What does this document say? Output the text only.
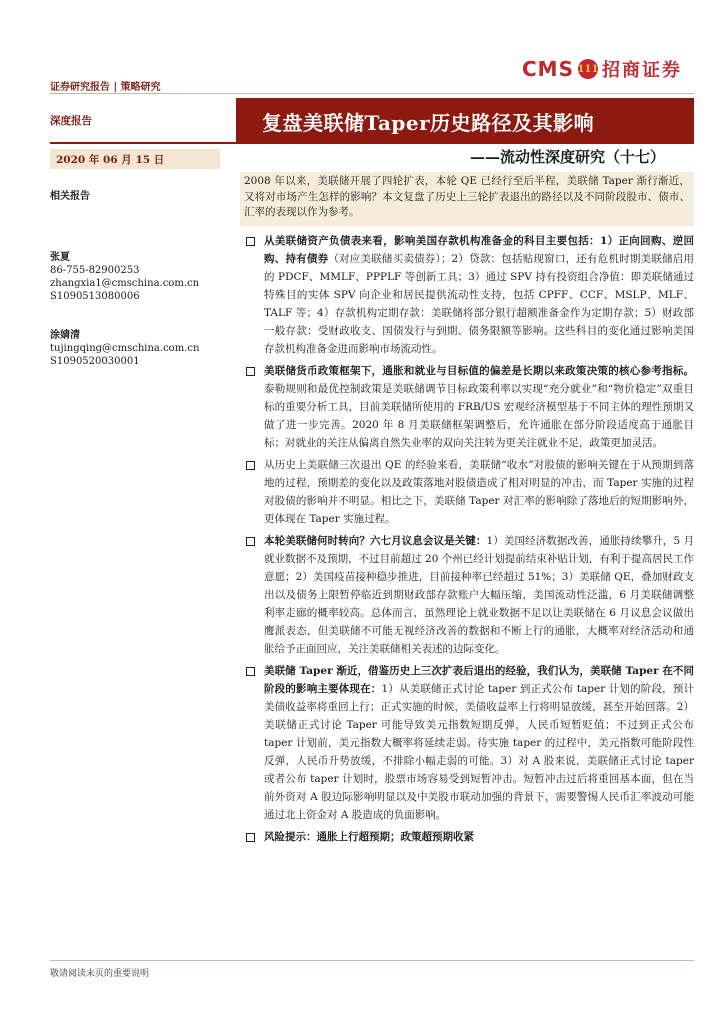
证券研究报告 | 策略研究
CMS 111 招商证券
深度报告	复盘美联储Taper历史路径及其影响
2020 年 06 月 15 日	——流动性深度研究（十七）

2008 年以来，美联储开展了四轮扩表，本轮 QE 已经行至后半程，美联储 Taper 渐行渐近，又将对市场产生怎样的影响？本文复盘了历史上三轮扩表退出的路径以及不同阶段股市、债市、汇率的表现以作为参考。

相关报告
张夏
86-755-82900253
zhangxia1@cmschina.com.cn
S1090513080006
涂婧清
tujingqing@cmschina.com.cn
S1090520030001
从美联储资产负债表来看，影响美国存款机构准备金的科目主要包括：1）正向回购、逆回购、持有债券（对应美联储买卖债券）；2）贷款：包括贴现窗口，还有危机时期美联储启用的 PDCF、MMLF、PPPLF 等创新工具；3）通过 SPV 持有投资组合净值：即美联储通过特殊目的实体 SPV 向企业和居民提供流动性支持，包括 CPFF、CCF、MSLP、MLF、TALF 等；4）存款机构定期存款：美联储将部分银行超额准备金作为定期存款；5）财政部一般存款：受财政收支、国债发行与到期、债务限额等影响。这些科目的变化通过影响美国存款机构准备金进而影响市场流动性。
美联储货币政策框架下，通胀和就业与目标值的偏差是长期以来政策决策的核心参考指标。泰勒规则和最优控制政策是美联储调节目标政策利率以实现“充分就业”和“物价稳定”双重目标的重要分析工具，目前美联储所使用的 FRB/US 宏观经济模型基于不同主体的理性预期又做了进一步完善。2020 年 8 月美联储框架调整后，允许通胀在部分阶段适度高于通胀目标；对就业的关注从偏离自然失业率的双向关注转为更关注就业不足，政策更加灵活。
从历史上美联储三次退出 QE 的经验来看，美联储“收水”对股债的影响关键在于从预期到落地的过程，预期差的变化以及政策落地对股债造成了相对明显的冲击，而 Taper 实施的过程对股债的影响并不明显。相比之下，美联储 Taper 对汇率的影响除了落地后的短期影响外，更体现在 Taper 实施过程。
本轮美联储何时转向？六七月议息会议是关键：1）美国经济数据改善，通胀持续攀升，5 月就业数据不及预期，不过目前超过 20 个州已经计划提前结束补贴计划，有利于提高居民工作意愿；2）美国疫苗接种稳步推进，目前接种率已经超过 51%；3）美联储 QE，叠加财政支出以及债务上限暂停临近到期财政部存款账户大幅压缩，美国流动性泛滥，6 月美联储调整利率走廊的概率较高。总体而言，虽然理论上就业数据不足以让美联储在 6 月议息会议做出鹰派表态，但美联储不可能无视经济改善的数据和不断上行的通胀，大概率对经济活动和通胀给予正面回应，关注美联储相关表述的边际变化。
美联储 Taper 渐近，借鉴历史上三次扩表后退出的经验，我们认为，美联储 Taper 在不同阶段的影响主要体现在：1）从美联储正式讨论 taper 到正式公布 taper 计划的阶段，预计美债收益率将重回上行；正式实施的时候，美债收益率上行将明显放缓，甚至开始回落。2）美联储正式讨论 Taper 可能导致美元指数短期反弹，人民币短暂贬值；不过到正式公布 taper 计划前，美元指数大概率将延续走弱。待实施 taper 的过程中，美元指数可能阶段性反弹，人民币升势放缓，不排除小幅走弱的可能。3）对 A 股来说，美联储正式讨论 taper 或者公布 taper 计划时，股票市场容易受到短暂冲击。短暂冲击过后将重回基本面，但在当前外资对 A 股边际影响明显以及中美股市联动加强的背景下，需要警惕人民币汇率波动可能通过北上资金对 A 股造成的负面影响。
风险提示：通胀上行超预期；政策超预期收紧
敬请阅读末页的重要说明
